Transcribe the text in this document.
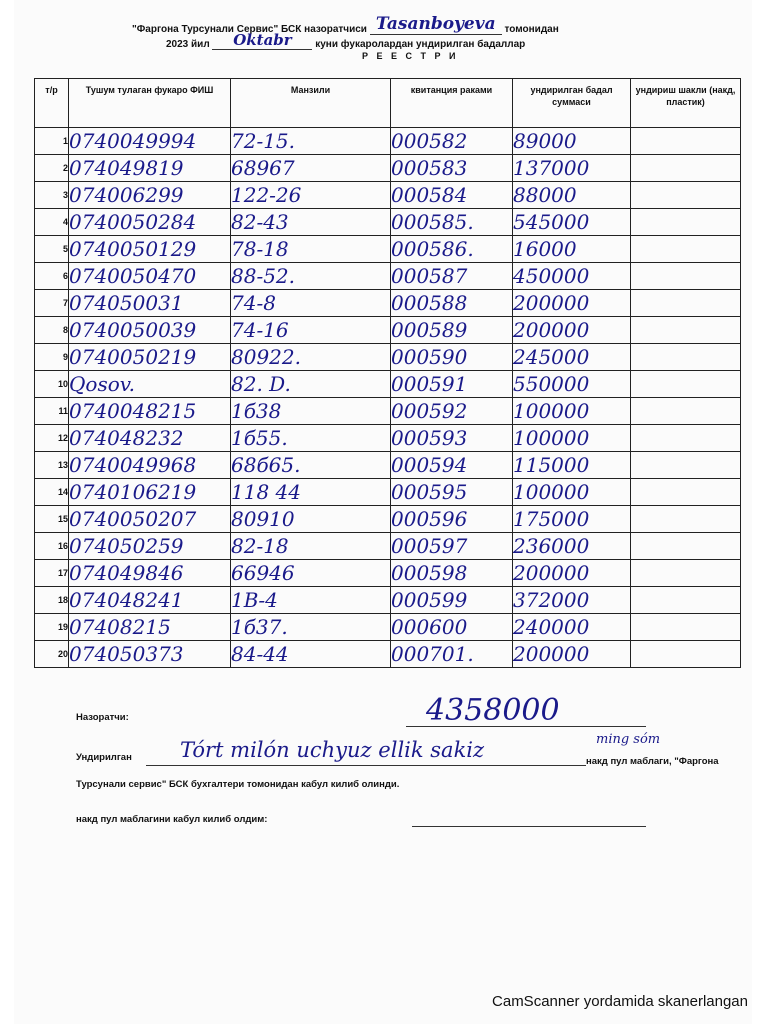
"Фаргона Турсунали Сервис" БСК назоратчиси Tasanboyeva томонидан
2023 йил Oktabr куни фукаролардан ундирилган бадаллар
Р Е Е С Т Р И
т/р	Тушум тулаган фукаро ФИШ	Манзили	квитанция раками	ундирилган бадал суммаси	ундириш шакли (накд, пластик)
1	0740049994	72-15.	000582	89000	
2	074049819	68967	000583	137000	
3	074006299	122-26	000584	88000	
4	0740050284	82-43	000585.	545000	
5	0740050129	78-18	000586.	16000	
6	0740050470	88-52.	000587	450000	
7	074050031	74-8	000588	200000	
8	0740050039	74-16	000589	200000	
9	0740050219	80922.	000590	245000	
10	Qosov.	82. D.	000591	550000	
11	0740048215	1б38	000592	100000	
12	074048232	1б55.	000593	100000	
13	0740049968	68б65.	000594	115000	
14	0740106219	118 44	000595	100000	
15	0740050207	80910	000596	175000	
16	074050259	82-18	000597	236000	
17	074049846	66946	000598	200000	
18	074048241	1В-4	000599	372000	
19	07408215	1б37.	000600	240000	
20	074050373	84-44	000701.	200000	
Назоратчи:	4358000
Ундирилган Tórt milón uchyuz ellik sakiz	ming sóm
накд пул маблаги, "Фаргона
Турсунали сервис" БСК бухгалтери томонидан кабул килиб олинди.
накд пул маблагини кабул килиб олдим:
CamScanner yordamida skanerlangan
